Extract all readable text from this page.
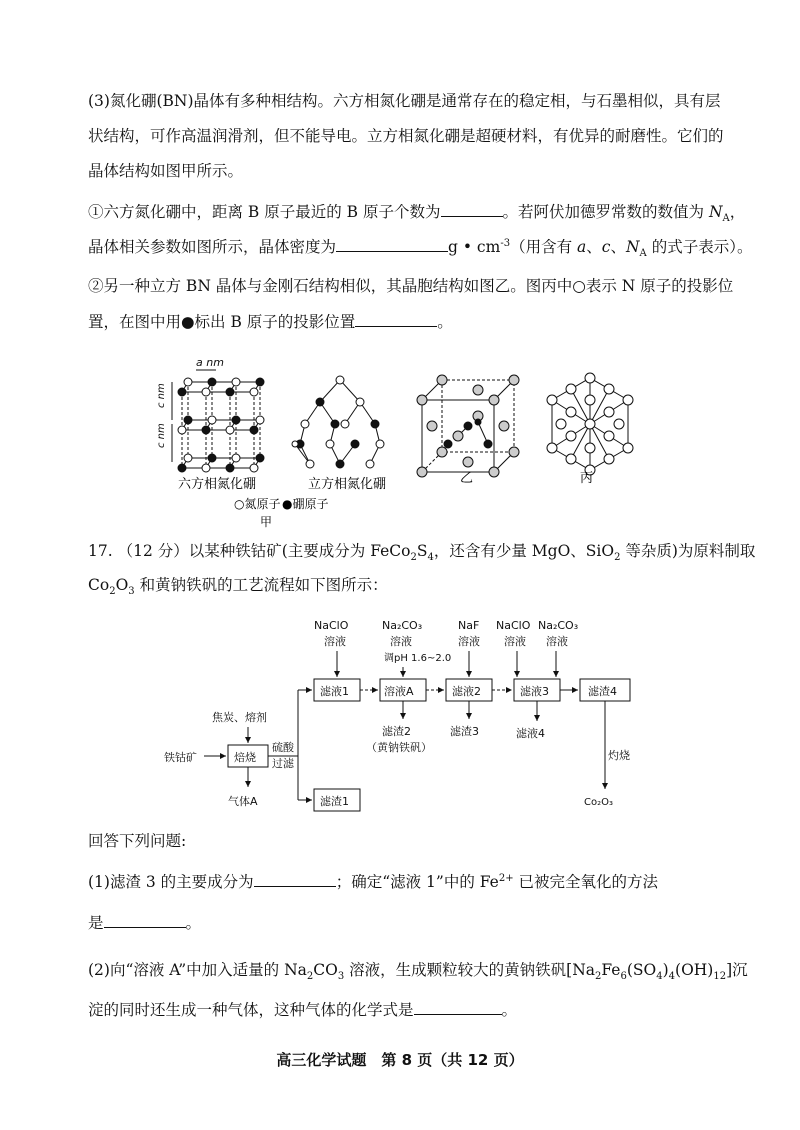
(3)氮化硼(BN)晶体有多种相结构。六方相氮化硼是通常存在的稳定相，与石墨相似，具有层
状结构，可作高温润滑剂，但不能导电。立方相氮化硼是超硬材料，有优异的耐磨性。它们的
晶体结构如图甲所示。
①六方氮化硼中，距离 B 原子最近的 B 原子个数为	。若阿伏加德罗常数的数值为 $N_A$，
晶体相关参数如图所示，晶体密度为	g • $cm^{-3}$（用含有 a、c、$N_A$ 的式子表示）。
②另一种立方 BN 晶体与金刚石结构相似，其晶胞结构如图乙。图丙中○表示 N 原子的投影位
置，在图中用●标出 B 原子的投影位置	。
a nm
c nm
c nm
六方相氮化硼	立方相氮化硼	乙	丙
○氮原子 ●硼原子
甲
17. （12 分）以某种铁钴矿(主要成分为 $FeCo_2S_4$，还含有少量 MgO、SiO$_2$ 等杂质)为原料制取
$Co_2O_3$ 和黄钠铁矾的工艺流程如下图所示：
NaClO
溶液
Na₂CO₃
溶液
调pH 1.6~2.0
NaF
溶液
NaClO
溶液
Na₂CO₃
溶液
滤液1	溶液A	滤液2	滤液3	滤渣4
焦炭、熔剂
铁钴矿	焙烧
硫酸
过滤
气体A	滤渣1
滤渣2
（黄钠铁矾）
滤渣3	滤液4
灼烧
Co₂O₃
回答下列问题:
(1)滤渣 3 的主要成分为	；确定“滤液 1”中的 $Fe^{2+}$ 已被完全氧化的方法
是	。
(2)向“溶液 A”中加入适量的 $Na_2CO_3$ 溶液，生成颗粒较大的黄钠铁矾$[Na_2Fe_6(SO_4)_4(OH)_{12}]$沉
淀的同时还生成一种气体，这种气体的化学式是	。
高三化学试题　第 8 页（共 12 页）
